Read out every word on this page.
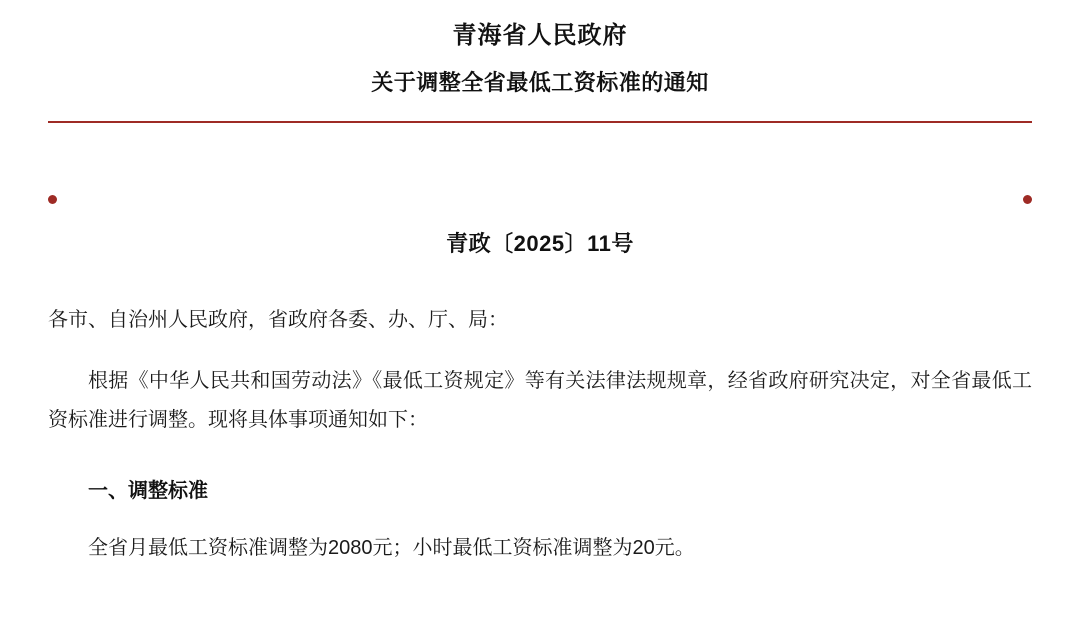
青海省人民政府
关于调整全省最低工资标准的通知
青政〔2025〕11号
各市、自治州人民政府，省政府各委、办、厅、局：
根据《中华人民共和国劳动法》《最低工资规定》等有关法律法规规章，经省政府研究决定，对全省最低工资标准进行调整。现将具体事项通知如下：
一、调整标准
全省月最低工资标准调整为2080元；小时最低工资标准调整为20元。
